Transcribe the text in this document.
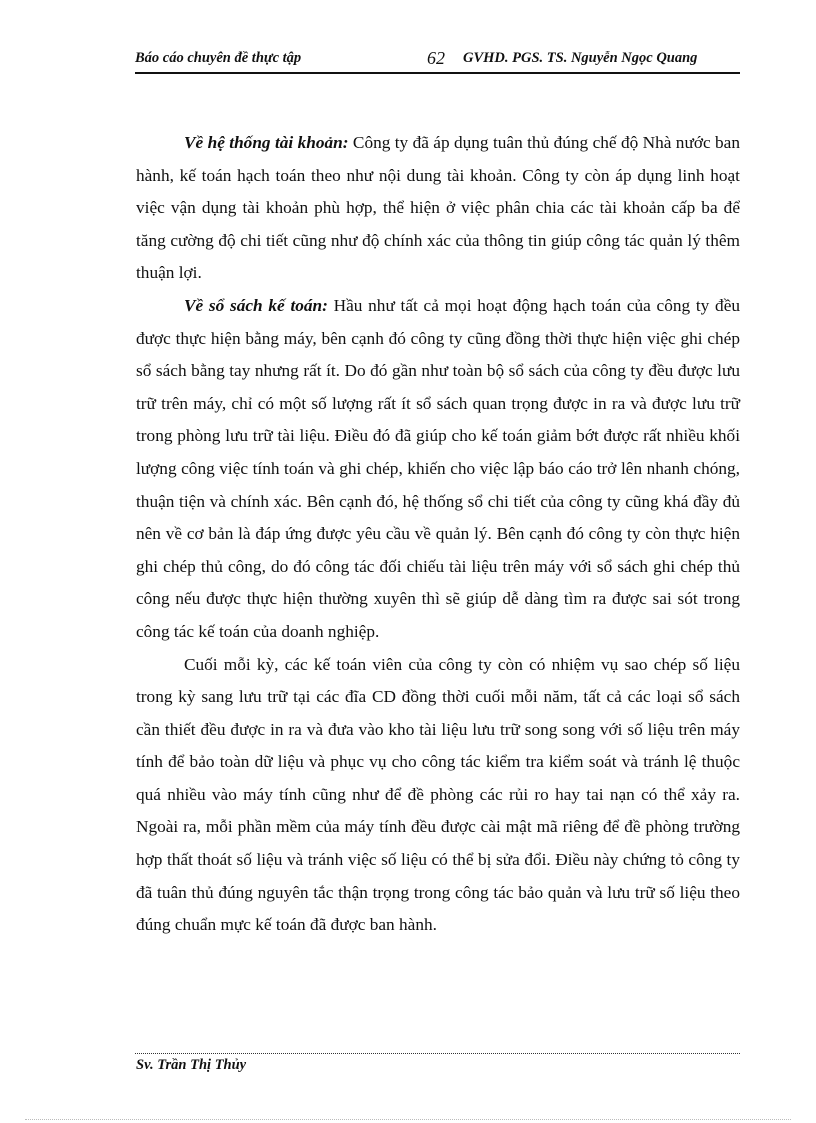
Báo cáo chuyên đề thực tập	62 GVHD. PGS. TS. Nguyễn Ngọc Quang

Về hệ thống tài khoản: Công ty đã áp dụng tuân thủ đúng chế độ Nhà nước ban hành, kế toán hạch toán theo như nội dung tài khoản. Công ty còn áp dụng linh hoạt việc vận dụng tài khoản phù hợp, thể hiện ở việc phân chia các tài khoản cấp ba để tăng cường độ chi tiết cũng như độ chính xác của thông tin giúp công tác quản lý thêm thuận lợi.

Về sổ sách kế toán: Hầu như tất cả mọi hoạt động hạch toán của công ty đều được thực hiện bằng máy, bên cạnh đó công ty cũng đồng thời thực hiện việc ghi chép sổ sách bằng tay nhưng rất ít. Do đó gần như toàn bộ sổ sách của công ty đều được lưu trữ trên máy, chỉ có một số lượng rất ít sổ sách quan trọng được in ra và được lưu trữ trong phòng lưu trữ tài liệu. Điều đó đã giúp cho kế toán giảm bớt được rất nhiều khối lượng công việc tính toán và ghi chép, khiến cho việc lập báo cáo trở lên nhanh chóng, thuận tiện và chính xác. Bên cạnh đó, hệ thống sổ chi tiết của công ty cũng khá đầy đủ nên về cơ bản là đáp ứng được yêu cầu về quản lý. Bên cạnh đó công ty còn thực hiện ghi chép thủ công, do đó công tác đối chiếu tài liệu trên máy với sổ sách ghi chép thủ công nếu được thực hiện thường xuyên thì sẽ giúp dễ dàng tìm ra được sai sót trong công tác kế toán của doanh nghiệp.

Cuối mỗi kỳ, các kế toán viên của công ty còn có nhiệm vụ sao chép số liệu trong kỳ sang lưu trữ tại các đĩa CD đồng thời cuối mỗi năm, tất cả các loại sổ sách cần thiết đều được in ra và đưa vào kho tài liệu lưu trữ song song với số liệu trên máy tính để bảo toàn dữ liệu và phục vụ cho công tác kiểm tra kiểm soát và tránh lệ thuộc quá nhiều vào máy tính cũng như để đề phòng các rủi ro hay tai nạn có thể xảy ra. Ngoài ra, mỗi phần mềm của máy tính đều được cài mật mã riêng để đề phòng trường hợp thất thoát số liệu và tránh việc số liệu có thể bị sửa đổi. Điều này chứng tỏ công ty đã tuân thủ đúng nguyên tắc thận trọng trong công tác bảo quản và lưu trữ số liệu theo đúng chuẩn mực kế toán đã được ban hành.

Sv. Trần Thị Thủy
